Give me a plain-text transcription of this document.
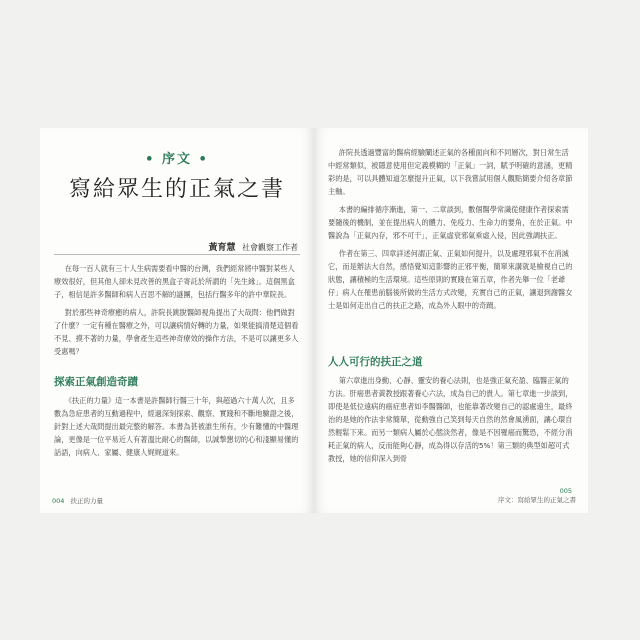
• 序文 •
寫給眾生的正氣之書
黃育慧 社會觀察工作者

在每一百人就有三十人生病需要看中醫的台灣，我們經常將中醫對某些人療效很好，但其他人卻未見改善的黑盒子寄託於所謂的「先生緣」。這個黑盒子，相信是許多醫師和病人百思不解的謎團，包括行醫多年的許中華院長。

對於那些神奇療癒的病人，許院長跳脫醫師視角提出了大哉問：他們做對了什麼？一定有種在醫療之外，可以讓病情好轉的力量，如果能搞清楚這個看不見、摸不著的力量，學會產生這些神奇療效的操作方法，不是可以讓更多人受惠嗎？

探索正氣創造奇蹟

《扶正的力量》這一本書是許醫師行醫三十年，與超過六十萬人次，且多數為急症患者的互動過程中，經過深刻探索、觀察、實踐和不斷地驗證之後，針對上述大哉問提出最完整的解答。本書為甚被誰生所有，少有難懂的中醫理論，更像是一位平易近人有著溫比耐心的醫師，以誠摯懇切的心和淺顯易懂的話語，向病人、家屬、健康人娓娓道來。

004 扶正的力量

許院長透過豐富的醫病經驗闡述正氣的各種面向和不同層次，對日常生活中經常類似，被隱意使用但定義模糊的「正氣」一詞，賦予明確的意涵，更精彩的是，可以具體知道怎麼提升正氣，以下我嘗試用個人觀點簡要介紹各章節主軸。

本書的編排循序漸進，第一、二章談到，數個醫學常識從健康作者探索需要隨後的機制，並在提出病人的體力、免疫力、生命力的要角，在於正氣。中醫說為「正氣內存，邪不可干」，正氣虛衰邪氣乘虛入侵，因此強調扶正。

作者在第三、四章詳述何謂正氣、正氣如何提升，以及處理邪氣不在消滅它，而是辦法大自然，感悟覺知這影響的正邪平衡，簡單來講就是檢視自己的狀態，讓積極的生活環境。這些原則的實踐在第五章，作者先舉一位「老爺仔」病人在罹患前腦後所做的生活方式改變，充實自己的正氣，讓退到謝醫女士是如何走出自己的扶正之路，成為外人眼中的奇蹟。

人人可行的扶正之道

第六章進出身動、心靜、靈安的養心法則，也是強正氣充盈、臨醫正氣的方法。肝癌患者黃教授跟著養心六法，成為自己的貴人。第七章進一步談到，即使是低位遠病的癌症患者如李醫醫師，也能靠著改變自己的認處遠生，最終治的是她的作法非常簡單，從動強自己笑到每天自然的然會風湧面，讓心環自然輕鬆下來。而另一類病人屬於心態淡然者，像是不因罹癌而驚恐，不經分消耗正氣的病人，反而能夠心靜，成為得以存活的5%！第三類的典型如超可式教授，她的信仰深入到骨

005
序文：寫給眾生的正氣之書
